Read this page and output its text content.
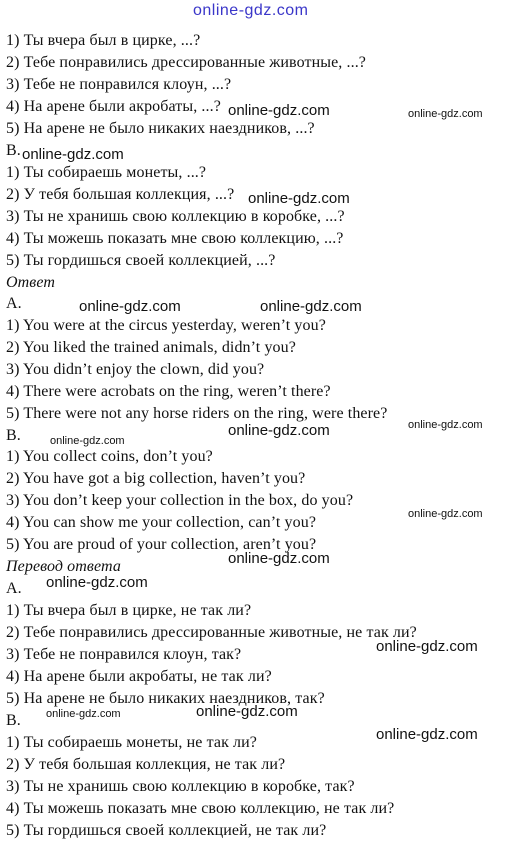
online-gdz.com
1) Ты вчера был в цирке, ...?
2) Тебе понравились дрессированные животные, ...?
3) Тебе не понравился клоун, ...?
4) На арене были акробаты, ...?
5) На арене не было никаких наездников, ...?
B.
1) Ты собираешь монеты, ...?
2) У тебя большая коллекция, ...?
3) Ты не хранишь свою коллекцию в коробке, ...?
4) Ты можешь показать мне свою коллекцию, ...?
5) Ты гордишься своей коллекцией, ...?
Ответ
A.
1) You were at the circus yesterday, weren’t you?
2) You liked the trained animals, didn’t you?
3) You didn’t enjoy the clown, did you?
4) There were acrobats on the ring, weren’t there?
5) There were not any horse riders on the ring, were there?
B.
1) You collect coins, don’t you?
2) You have got a big collection, haven’t you?
3) You don’t keep your collection in the box, do you?
4) You can show me your collection, can’t you?
5) You are proud of your collection, aren’t you?
Перевод ответа
A.
1) Ты вчера был в цирке, не так ли?
2) Тебе понравились дрессированные животные, не так ли?
3) Тебе не понравился клоун, так?
4) На арене были акробаты, не так ли?
5) На арене не было никаких наездников, так?
B.
1) Ты собираешь монеты, не так ли?
2) У тебя большая коллекция, не так ли?
3) Ты не хранишь свою коллекцию в коробке, так?
4) Ты можешь показать мне свою коллекцию, не так ли?
5) Ты гордишься своей коллекцией, не так ли?
online-gdz.com	online-gdz.com
online-gdz.com
online-gdz.com
online-gdz.com	online-gdz.com
online-gdz.com	online-gdz.com
online-gdz.com
online-gdz.com
online-gdz.com
online-gdz.com
online-gdz.com
online-gdz.com	online-gdz.com
online-gdz.com
